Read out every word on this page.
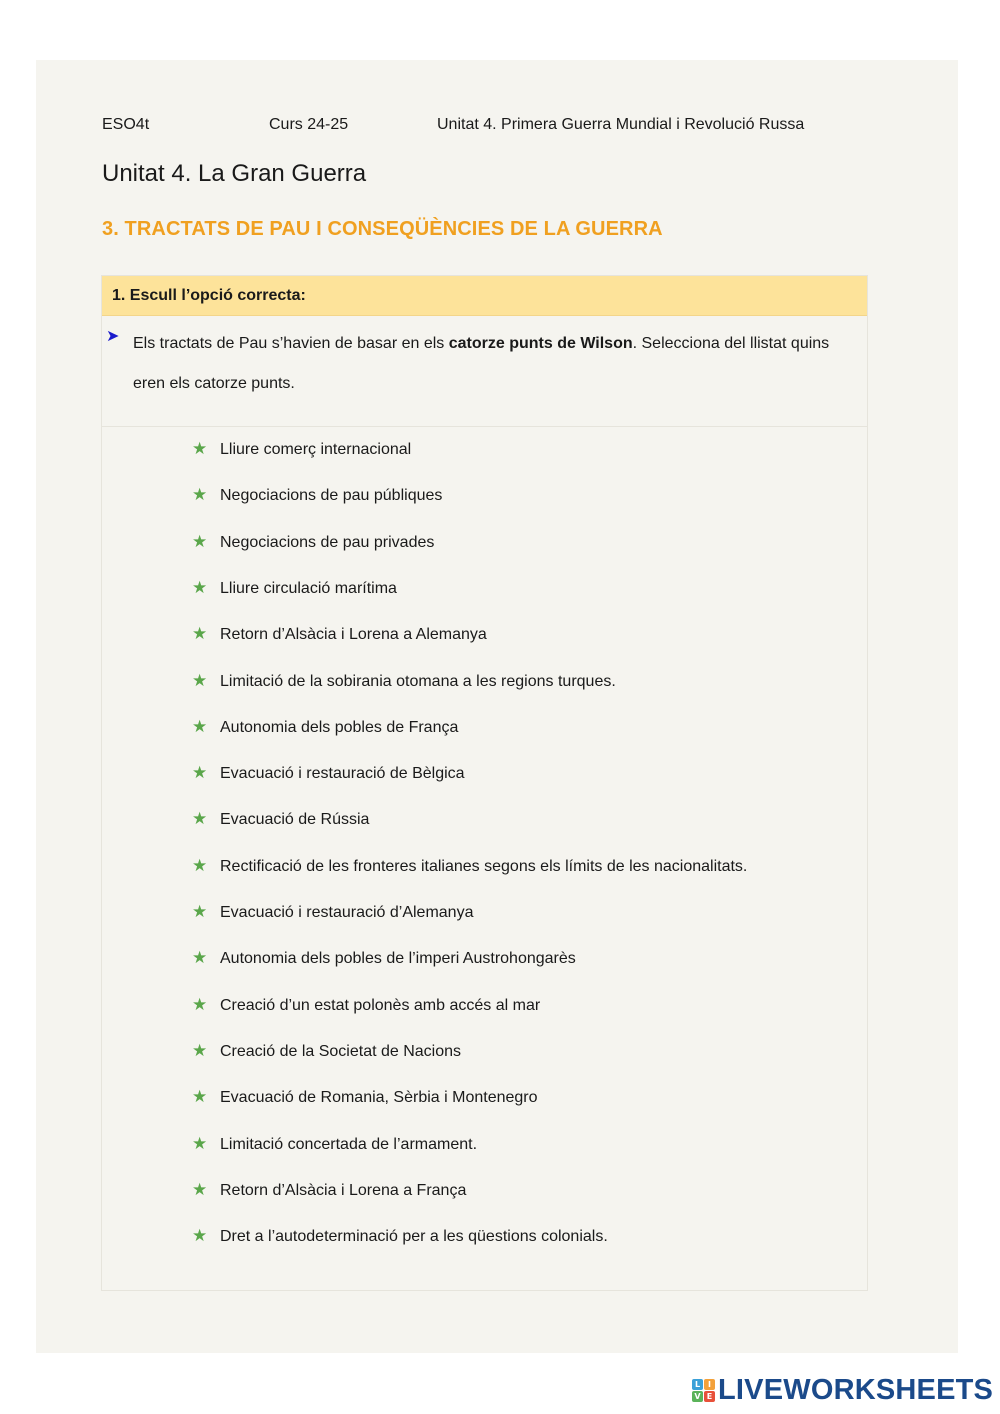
ESO4t	Curs 24-25	Unitat 4. Primera Guerra Mundial i Revolució Russa
Unitat 4. La Gran Guerra
3. TRACTATS DE PAU I CONSEQÜÈNCIES DE LA GUERRA
1. Escull l’opció correcta:
➤ Els tractats de Pau s’havien de basar en els catorze punts de Wilson. Selecciona del llistat quins eren els catorze punts.
★ Lliure comerç internacional
★ Negociacions de pau públiques
★ Negociacions de pau privades
★ Lliure circulació marítima
★ Retorn d’Alsàcia i Lorena a Alemanya
★ Limitació de la sobirania otomana a les regions turques.
★ Autonomia dels pobles de França
★ Evacuació i restauració de Bèlgica
★ Evacuació de Rússia
★ Rectificació de les fronteres italianes segons els límits de les nacionalitats.
★ Evacuació i restauració d’Alemanya
★ Autonomia dels pobles de l’imperi Austrohongarès
★ Creació d’un estat polonès amb accés al mar
★ Creació de la Societat de Nacions
★ Evacuació de Romania, Sèrbia i Montenegro
★ Limitació concertada de l’armament.
★ Retorn d’Alsàcia i Lorena a França
★ Dret a l’autodeterminació per a les qüestions colonials.
L I
V E LIVEWORKSHEETS
